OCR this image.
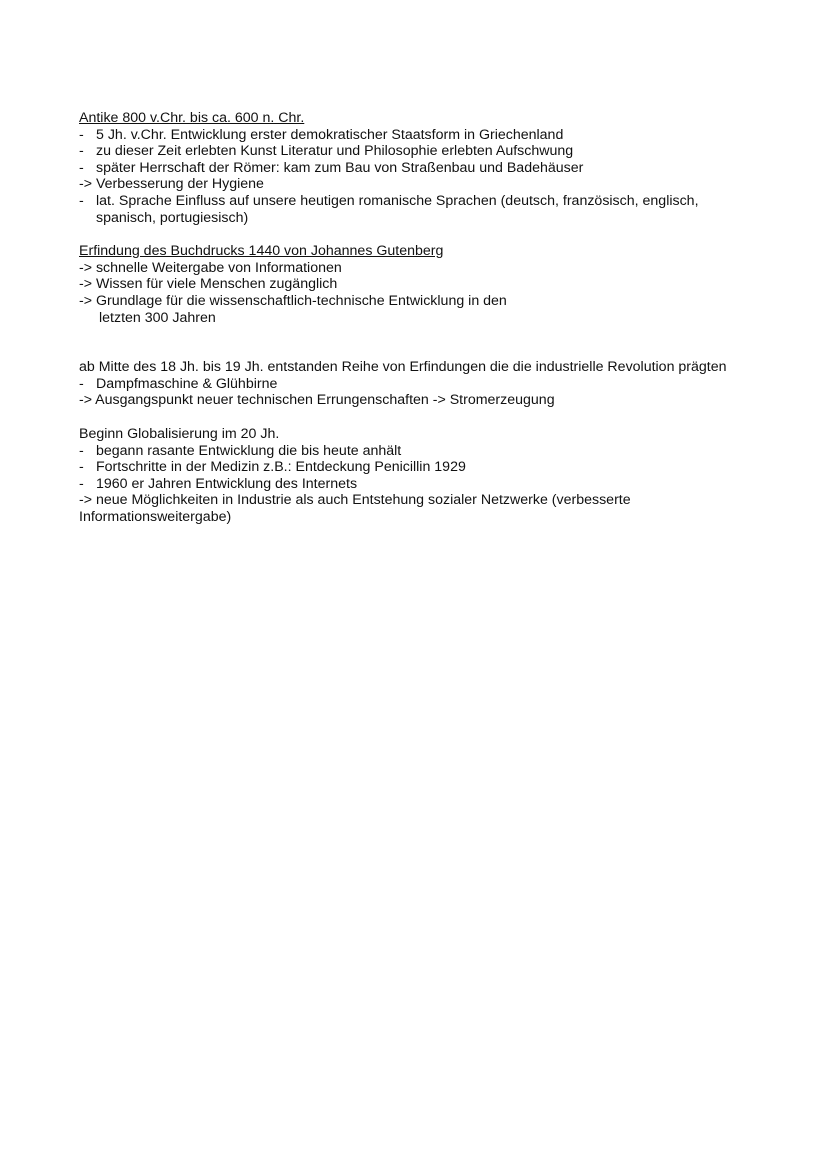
Antike 800 v.Chr. bis ca. 600 n. Chr.
- 5 Jh. v.Chr. Entwicklung erster demokratischer Staatsform in Griechenland
- zu dieser Zeit erlebten Kunst Literatur und Philosophie erlebten Aufschwung
- später Herrschaft der Römer: kam zum Bau von Straßenbau und Badehäuser
-> Verbesserung der Hygiene
- lat. Sprache Einfluss auf unsere heutigen romanische Sprachen (deutsch, französisch, englisch,
spanisch, portugiesisch)
Erfindung des Buchdrucks 1440 von Johannes Gutenberg
-> schnelle Weitergabe von Informationen
-> Wissen für viele Menschen zugänglich
-> Grundlage für die wissenschaftlich-technische Entwicklung in den
letzten 300 Jahren
ab Mitte des 18 Jh. bis 19 Jh. entstanden Reihe von Erfindungen die die industrielle Revolution prägten
- Dampfmaschine & Glühbirne
-> Ausgangspunkt neuer technischen Errungenschaften -> Stromerzeugung
Beginn Globalisierung im 20 Jh.
- begann rasante Entwicklung die bis heute anhält
- Fortschritte in der Medizin z.B.: Entdeckung Penicillin 1929
- 1960 er Jahren Entwicklung des Internets
-> neue Möglichkeiten in Industrie als auch Entstehung sozialer Netzwerke (verbesserte Informationsweitergabe)
